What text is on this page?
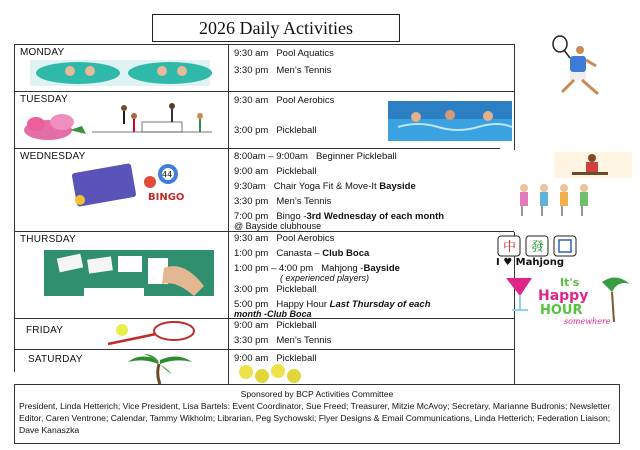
2026 Daily Activities
MONDAY
TUESDAY
WEDNESDAY
THURSDAY
FRIDAY
SATURDAY
9:30 am Pool Aquatics
3:30 pm Men’s Tennis
9:30 am Pool Aerobics
3:00 pm Pickleball
8:00am – 9:00am Beginner Pickleball
9:00 am Pickleball
9:30am Chair Yoga Fit & Move-It Bayside
3:30 pm Men’s Tennis
7:00 pm Bingo -3rd Wednesday of each month
@ Bayside clubhouse
9:30 am Pool Aerobics
1:00 pm Canasta – Club Boca
1:00 pm – 4:00 pm Mahjong -Bayside
( experienced players)
3:00 pm Pickleball
5:00 pm Happy Hour Last Thursday of each
month -Club Boca
9:00 am Pickleball
3:30 pm Men’s Tennis
9:00 am Pickleball
BINGO
44
中 發
I ♥ Mahjong
It's
Happy
HOUR
somewhere
Sponsored by BCP Activities Committee
President, Linda Hetterich; Vice President, Lisa Bartels: Event Coordinator, Sue Freed; Treasurer, Mitzie McAvoy; Secretary, Marianne Budronis; Newsletter Editor, Caren Ventrone; Calendar, Tammy Wikholm; Librarian, Peg Sychowski; Flyer Designs & Email Communications, Linda Hetterich; Federation Liaison; Dave Kanaszka
